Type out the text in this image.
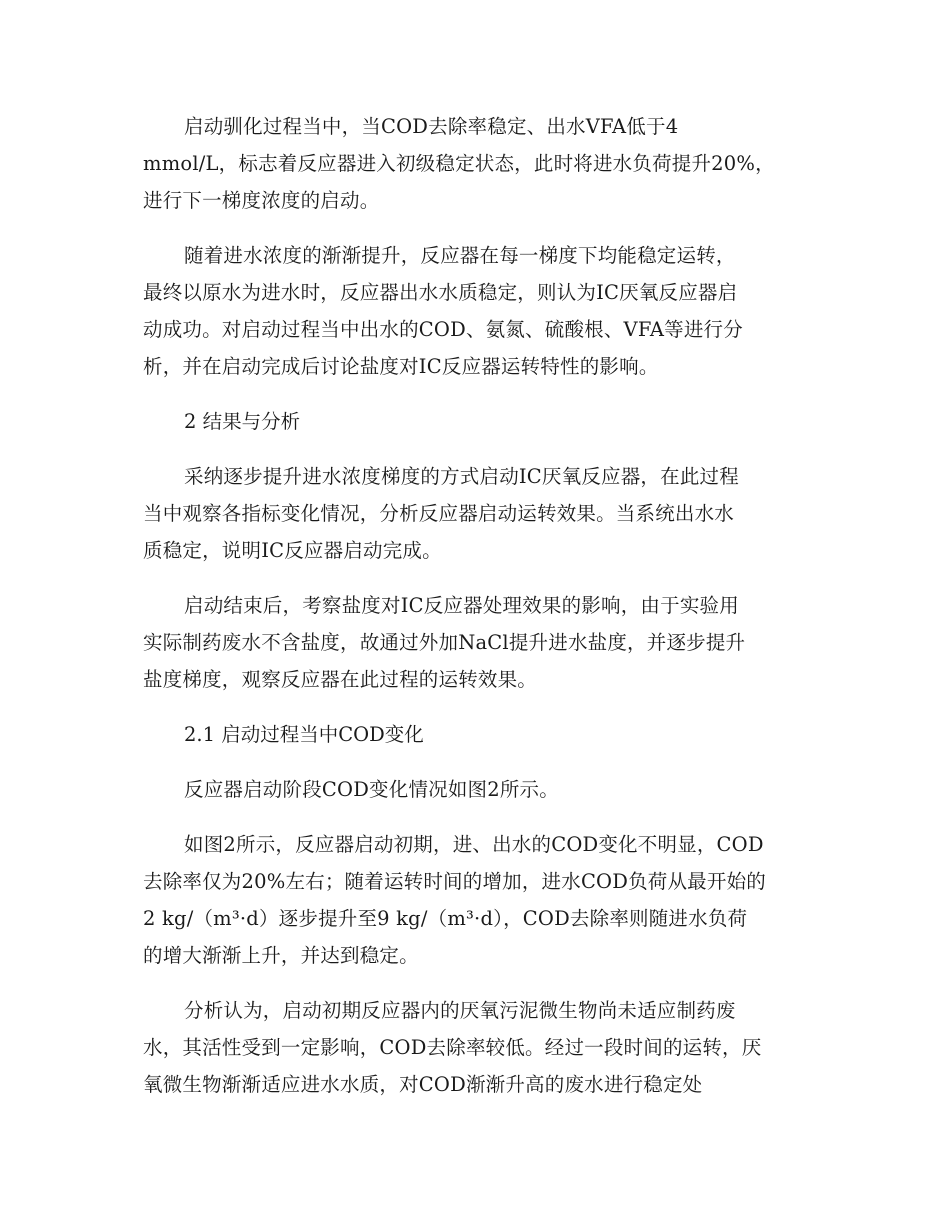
启动驯化过程当中，当COD去除率稳定、出水VFA低于4
mmol/L，标志着反应器进入初级稳定状态，此时将进水负荷提升20%，
进行下一梯度浓度的启动。
随着进水浓度的渐渐提升，反应器在每一梯度下均能稳定运转，
最终以原水为进水时，反应器出水水质稳定，则认为IC厌氧反应器启
动成功。对启动过程当中出水的COD、氨氮、硫酸根、VFA等进行分
析，并在启动完成后讨论盐度对IC反应器运转特性的影响。
2 结果与分析
采纳逐步提升进水浓度梯度的方式启动IC厌氧反应器，在此过程
当中观察各指标变化情况，分析反应器启动运转效果。当系统出水水
质稳定，说明IC反应器启动完成。
启动结束后，考察盐度对IC反应器处理效果的影响，由于实验用
实际制药废水不含盐度，故通过外加NaCl提升进水盐度，并逐步提升
盐度梯度，观察反应器在此过程的运转效果。
2.1 启动过程当中COD变化
反应器启动阶段COD变化情况如图2所示。
如图2所示，反应器启动初期，进、出水的COD变化不明显，COD
去除率仅为20%左右；随着运转时间的增加，进水COD负荷从最开始的
2 kg/（m³·d）逐步提升至9 kg/（m³·d），COD去除率则随进水负荷
的增大渐渐上升，并达到稳定。
分析认为，启动初期反应器内的厌氧污泥微生物尚未适应制药废
水，其活性受到一定影响，COD去除率较低。经过一段时间的运转，厌
氧微生物渐渐适应进水水质，对COD渐渐升高的废水进行稳定处
